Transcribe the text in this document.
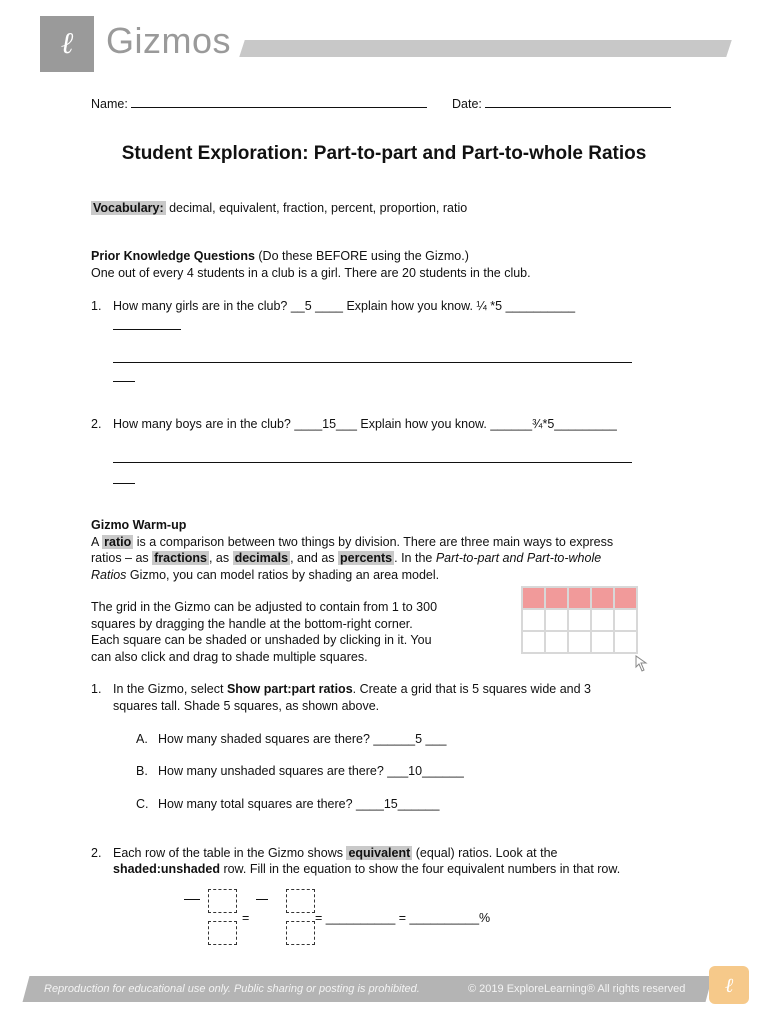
ℓ Gizmos
Name:	Date:
Student Exploration: Part-to-part and Part-to-whole Ratios
Vocabulary: decimal, equivalent, fraction, percent, proportion, ratio
Prior Knowledge Questions (Do these BEFORE using the Gizmo.)
One out of every 4 students in a club is a girl. There are 20 students in the club.
1. How many girls are in the club? __5 ____ Explain how you know. ¼ *5 __________
2. How many boys are in the club? ____15___ Explain how you know. ______¾*5_________
Gizmo Warm-up
A ratio is a comparison between two things by division. There are three main ways to express
ratios – as fractions , as decimals , and as percents . In the Part-to-part and Part-to-whole
Ratios Gizmo, you can model ratios by shading an area model.
The grid in the Gizmo can be adjusted to contain from 1 to 300
squares by dragging the handle at the bottom-right corner.
Each square can be shaded or unshaded by clicking in it. You
can also click and drag to shade multiple squares.

1. In the Gizmo, select Show part:part ratios. Create a grid that is 5 squares wide and 3
squares tall. Shade 5 squares, as shown above.
A. How many shaded squares are there? ______5 ___
B. How many unshaded squares are there? ___10______
C. How many total squares are there? ____15______
2. Each row of the table in the Gizmo shows equivalent (equal) ratios. Look at the
shaded:unshaded row. Fill in the equation to show the four equivalent numbers in that row.
=	= __________ = __________%
Reproduction for educational use only. Public sharing or posting is prohibited.	© 2019 ExploreLearning® All rights reserved	ℓ
